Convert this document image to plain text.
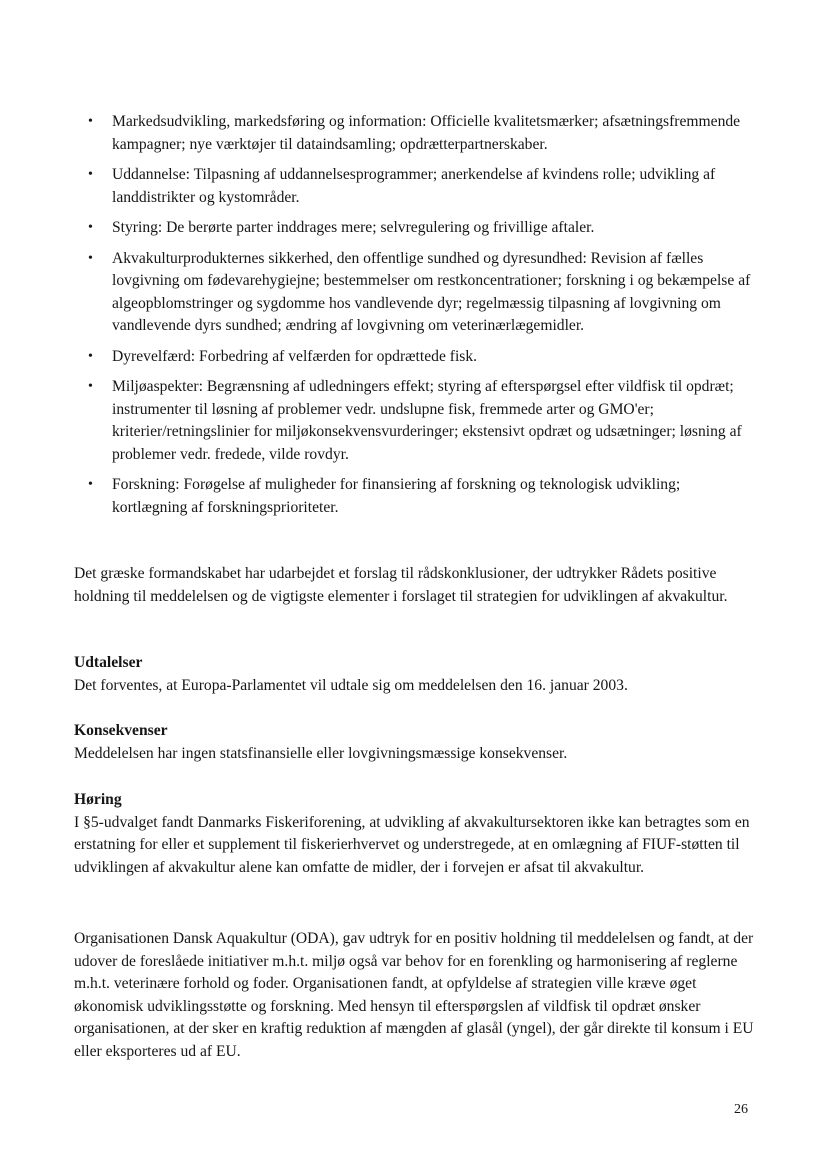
•	Markedsudvikling, markedsføring og information: Officielle kvalitetsmærker; afsætningsfremmende kampagner; nye værktøjer til dataindsamling; opdrætterpartnerskaber.
•	Uddannelse: Tilpasning af uddannelsesprogrammer; anerkendelse af kvindens rolle; udvikling af landdistrikter og kystområder.
•	Styring: De berørte parter inddrages mere; selvregulering og frivillige aftaler.
•	Akvakulturprodukternes sikkerhed, den offentlige sundhed og dyresundhed: Revision af fælles lovgivning om fødevarehygiejne; bestemmelser om restkoncentrationer; forskning i og bekæmpelse af algeopblomstringer og sygdomme hos vandlevende dyr; regelmæssig tilpasning af lovgivning om vandlevende dyrs sundhed; ændring af lovgivning om veterinærlægemidler.
•	Dyrevelfærd: Forbedring af velfærden for opdrættede fisk.
•	Miljøaspekter: Begrænsning af udledningers effekt; styring af efterspørgsel efter vildfisk til opdræt; instrumenter til løsning af problemer vedr. undslupne fisk, fremmede arter og GMO'er; kriterier/retningslinier for miljøkonsekvensvurderinger; ekstensivt opdræt og udsætninger; løsning af problemer vedr. fredede, vilde rovdyr.
•	Forskning: Forøgelse af muligheder for finansiering af forskning og teknologisk udvikling; kortlægning af forskningsprioriteter.

Det græske formandskabet har udarbejdet et forslag til rådskonklusioner, der udtrykker Rådets positive holdning til meddelelsen og de vigtigste elementer i forslaget til strategien for udviklingen af akvakultur.

Udtalelser
Det forventes, at Europa-Parlamentet vil udtale sig om meddelelsen den 16. januar 2003.
Konsekvenser
Meddelelsen har ingen statsfinansielle eller lovgivningsmæssige konsekvenser.
Høring
I §5-udvalget fandt Danmarks Fiskeriforening, at udvikling af akvakultursektoren ikke kan betragtes som en erstatning for eller et supplement til fiskerierhvervet og understregede, at en omlægning af FIUF-støtten til udviklingen af akvakultur alene kan omfatte de midler, der i forvejen er afsat til akvakultur.

Organisationen Dansk Aquakultur (ODA), gav udtryk for en positiv holdning til meddelelsen og fandt, at der udover de foreslåede initiativer m.h.t. miljø også var behov for en forenkling og harmonisering af reglerne m.h.t. veterinære forhold og foder. Organisationen fandt, at opfyldelse af strategien ville kræve øget økonomisk udviklingsstøtte og forskning. Med hensyn til efterspørgslen af vildfisk til opdræt ønsker organisationen, at der sker en kraftig reduktion af mængden af glasål (yngel), der går direkte til konsum i EU eller eksporteres ud af EU.

26
